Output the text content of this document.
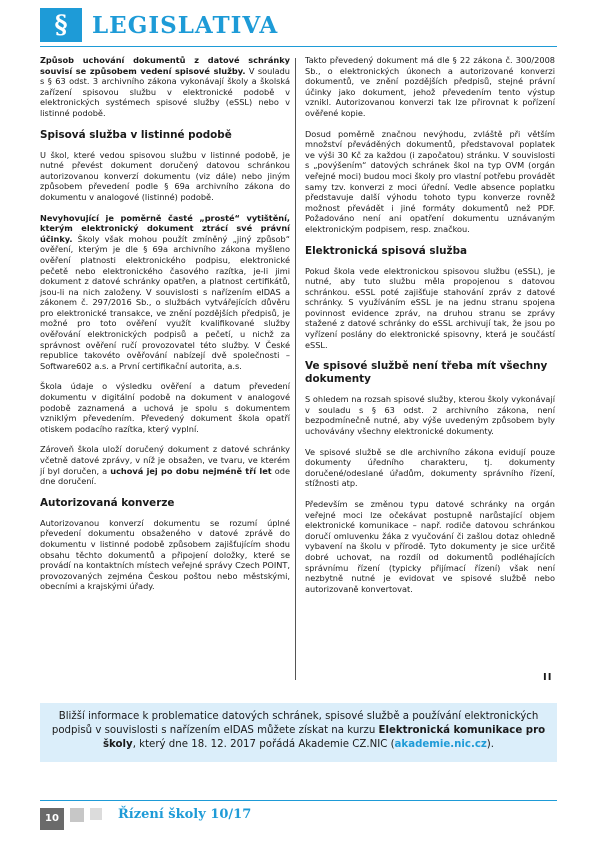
§	LEGISLATIVA

Způsob uchování dokumentů z datové schránky souvisí se způsobem vedení spisové služby. V souladu s § 63 odst. 3 archivního zákona vykonávají školy a školská zařízení spisovou službu v elektronické podobě v elektronických systémech spisové služby (eSSL) nebo v listinné podobě.

Spisová služba v listinné podobě

U škol, které vedou spisovou službu v listinné podobě, je nutné převést dokument doručený datovou schránkou autorizovanou konverzí dokumentu (viz dále) nebo jiným způsobem převedení podle § 69a archivního zákona do dokumentu v analogové (listinné) podobě.

Nevyhovující je poměrně časté „prosté“ vytištění, kterým elektronický dokument ztrácí své právní účinky. Školy však mohou použít zmíněný „jiný způsob“ ověření, kterým je dle § 69a archivního zákona myšleno ověření platnosti elektronického podpisu, elektronické pečetě nebo elektronického časového razítka, je-li jimi dokument z datové schránky opatřen, a platnost certifikátů, jsou-li na nich založeny. V souvislosti s nařízením eIDAS a zákonem č. 297/2016 Sb., o službách vytvářejících důvěru pro elektronické transakce, ve znění pozdějších předpisů, je možné pro toto ověření využít kvalifikované služby ověřování elektronických podpisů a pečetí, u nichž za správnost ověření ručí provozovatel této služby. V České republice takovéto ověřování nabízejí dvě společnosti – Software602 a.s. a První certifikační autorita, a.s.

Škola údaje o výsledku ověření a datum převedení dokumentu v digitální podobě na dokument v analogové podobě zaznamená a uchová je spolu s dokumentem vzniklým převedením. Převedený dokument škola opatří otiskem podacího razítka, který vyplní.

Zároveň škola uloží doručený dokument z datové schránky včetně datové zprávy, v níž je obsažen, ve tvaru, ve kterém jí byl doručen, a uchová jej po dobu nejméně tří let ode dne doručení.

Autorizovaná konverze

Autorizovanou konverzí dokumentu se rozumí úplné převedení dokumentu obsaženého v datové zprávě do dokumentu v listinné podobě způsobem zajišťujícím shodu obsahu těchto dokumentů a připojení doložky, které se provádí na kontaktních místech veřejné správy Czech POINT, provozovaných zejména Českou poštou nebo městskými, obecními a krajskými úřady.

Takto převedený dokument má dle § 22 zákona č. 300/2008 Sb., o elektronických úkonech a autorizované konverzi dokumentů, ve znění pozdějších předpisů, stejné právní účinky jako dokument, jehož převedením tento výstup vznikl. Autorizovanou konverzi tak lze přirovnat k pořízení ověřené kopie.

Dosud poměrně značnou nevýhodu, zvláště při větším množství převáděných dokumentů, představoval poplatek ve výši 30 Kč za každou (i započatou) stránku. V souvislosti s „povýšením“ datových schránek škol na typ OVM (orgán veřejné moci) budou moci školy pro vlastní potřebu provádět samy tzv. konverzi z moci úřední. Vedle absence poplatku představuje další výhodu tohoto typu konverze rovněž možnost převádět i jiné formáty dokumentů než PDF. Požadováno není ani opatření dokumentu uznávaným elektronickým podpisem, resp. značkou.

Elektronická spisová služba

Pokud škola vede elektronickou spisovou službu (eSSL), je nutné, aby tuto službu měla propojenou s datovou schránkou. eSSL poté zajišťuje stahování zpráv z datové schránky. S využíváním eSSL je na jednu stranu spojena povinnost evidence zpráv, na druhou stranu se zprávy stažené z datové schránky do eSSL archivují tak, že jsou po vyřízení poslány do elektronické spisovny, která je součástí eSSL.

Ve spisové službě není třeba mít všechny dokumenty

S ohledem na rozsah spisové služby, kterou školy vykonávají v souladu s § 63 odst. 2 archivního zákona, není bezpodmínečně nutné, aby výše uvedeným způsobem byly uchovávány všechny elektronické dokumenty.

Ve spisové službě se dle archivního zákona evidují pouze dokumenty úředního charakteru, tj. dokumenty doručené/odeslané úřadům, dokumenty správního řízení, stížnosti atp.

Především se změnou typu datové schránky na orgán veřejné moci lze očekávat postupně narůstající objem elektronické komunikace – např. rodiče datovou schránkou doručí omluvenku žáka z vyučování či zašlou dotaz ohledně vybavení na školu v přírodě. Tyto dokumenty je sice určitě dobré uchovat, na rozdíl od dokumentů podléhajících správnímu řízení (typicky přijímací řízení) však není nezbytně nutné je evidovat ve spisové službě nebo autorizovaně konvertovat.

II
Bližší informace k problematice datových schránek, spisové službě a používání elektronických podpisů v souvislosti s nařízením eIDAS můžete získat na kurzu Elektronická komunikace pro školy, který dne 18. 12. 2017 pořádá Akademie CZ.NIC (akademie.nic.cz).
10	Řízení školy 10/17
